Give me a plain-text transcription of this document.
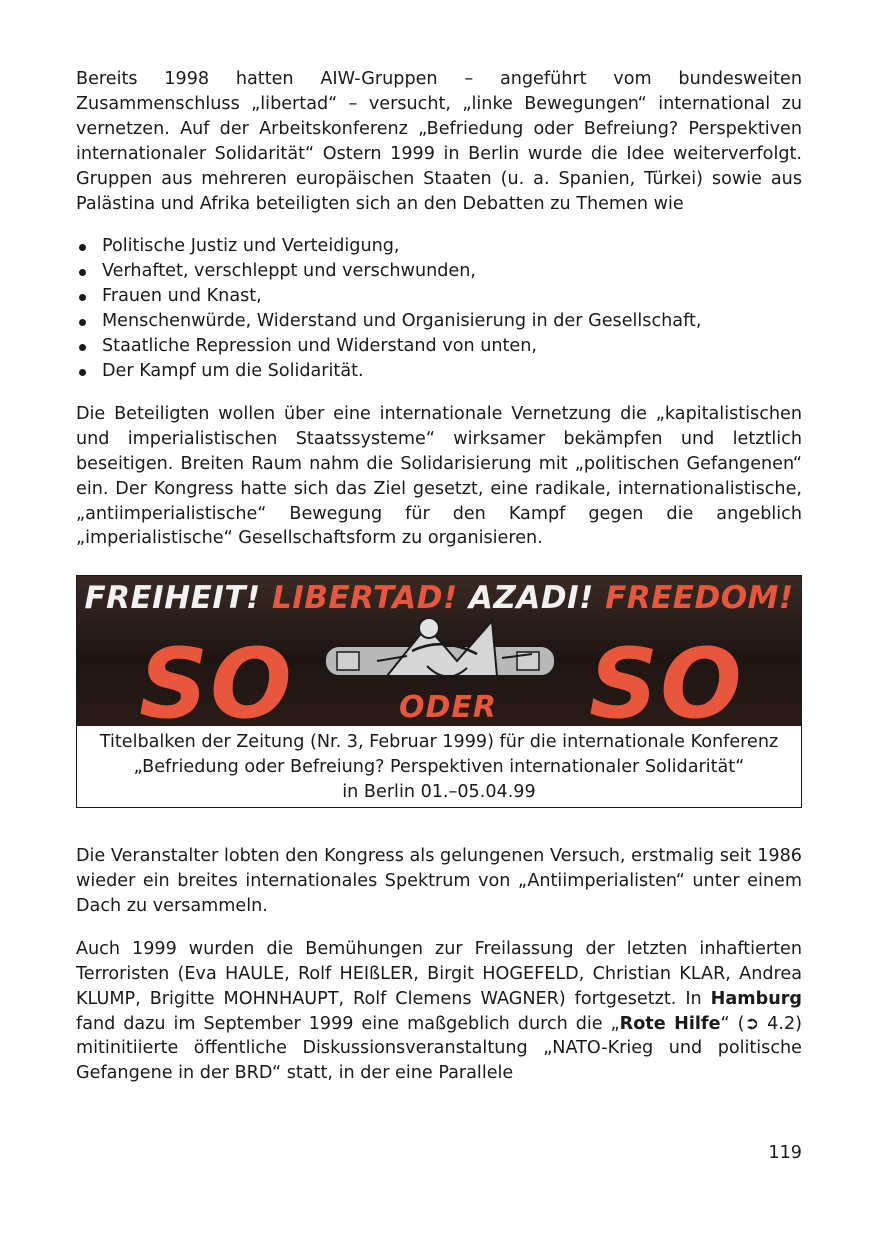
Bereits 1998 hatten AIW-Gruppen – angeführt vom bundesweiten Zusammenschluss „libertad“ – versucht, „linke Bewegungen“ international zu vernetzen. Auf der Arbeitskonferenz „Befriedung oder Befreiung? Perspektiven internationaler Solidarität“ Ostern 1999 in Berlin wurde die Idee weiterverfolgt. Gruppen aus mehreren europäischen Staaten (u. a. Spanien, Türkei) sowie aus Palästina und Afrika beteiligten sich an den Debatten zu Themen wie

Politische Justiz und Verteidigung,
Verhaftet, verschleppt und verschwunden,
Frauen und Knast,
Menschenwürde, Widerstand und Organisierung in der Gesellschaft,
Staatliche Repression und Widerstand von unten,
Der Kampf um die Solidarität.

Die Beteiligten wollen über eine internationale Vernetzung die „kapitalistischen und imperialistischen Staatssysteme“ wirksamer bekämpfen und letztlich beseitigen. Breiten Raum nahm die Solidarisierung mit „politischen Gefangenen“ ein. Der Kongress hatte sich das Ziel gesetzt, eine radikale, internationalistische, „antiimperialistische“ Bewegung für den Kampf gegen die angeblich „imperialistische“ Gesellschaftsform zu organisieren.

FREIHEIT! LIBERTAD! AZADI! FREEDOM!
SO	ODER SO
Titelbalken der Zeitung (Nr. 3, Februar 1999) für die internationale Konferenz
„Befriedung oder Befreiung? Perspektiven internationaler Solidarität“
in Berlin 01.–05.04.99

Die Veranstalter lobten den Kongress als gelungenen Versuch, erstmalig seit 1986 wieder ein breites internationales Spektrum von „Antiimperialisten“ unter einem Dach zu versammeln.

Auch 1999 wurden die Bemühungen zur Freilassung der letzten inhaftierten Terroristen (Eva HAULE, Rolf HEIßLER, Birgit HOGEFELD, Christian KLAR, Andrea KLUMP, Brigitte MOHNHAUPT, Rolf Clemens WAGNER) fortgesetzt. In Hamburg fand dazu im September 1999 eine maßgeblich durch die „Rote Hilfe“ (➲ 4.2) mitinitiierte öffentliche Diskussionsveranstaltung „NATO-Krieg und politische Gefangene in der BRD“ statt, in der eine Parallele

119
